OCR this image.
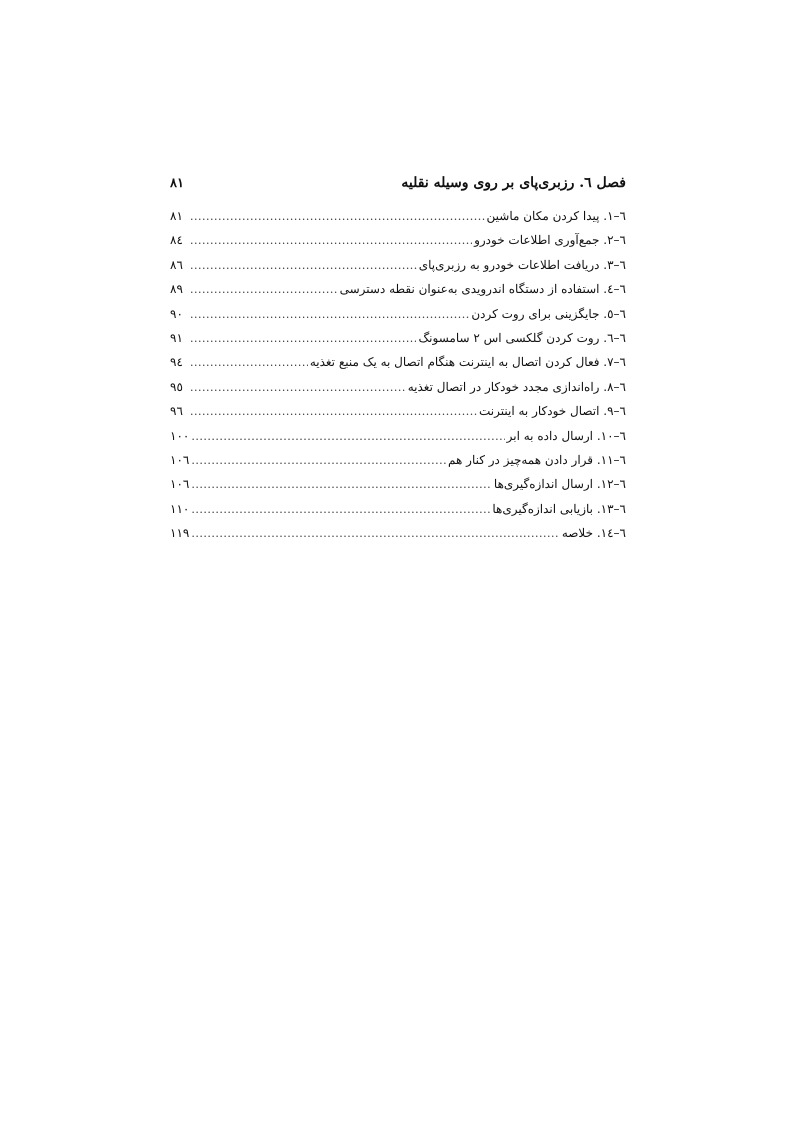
فصل ٦. رزبری‌پای بر روی وسیله نقلیه
۸۱
٦–١. پیدا کردن مکان ماشین
.....
۸۱
٦–٢. جمع‌آوری اطلاعات خودرو
.....
۸٤
٦–٣. دریافت اطلاعات خودرو به رزبری‌پای
.....
۸٦
٦–٤. استفاده از دستگاه اندرویدی به‌عنوان نقطه دسترسی
.....
۸۹
٦–٥. جایگزینی برای روت کردن
.....
۹۰
٦–٦. روت کردن گلکسی اس ٢ سامسونگ
.....
۹۱
٦–٧. فعال کردن اتصال به اینترنت هنگام اتصال به یک منبع تغذیه
.....
۹٤
٦–٨. راه‌اندازی مجدد خودکار در اتصال تغذیه
.....
۹٥
٦–٩. اتصال خودکار به اینترنت
.....
۹٦
٦–١٠. ارسال داده به ابر
.....
۱۰۰
٦–١١. قرار دادن همه‌چیز در کنار هم
.....
۱۰٦
٦–١٢. ارسال اندازه‌گیری‌ها
.....
۱۰٦
٦–١٣. بازیابی اندازه‌گیری‌ها
.....
۱۱۰
٦–١٤. خلاصه
.....
۱۱۹
